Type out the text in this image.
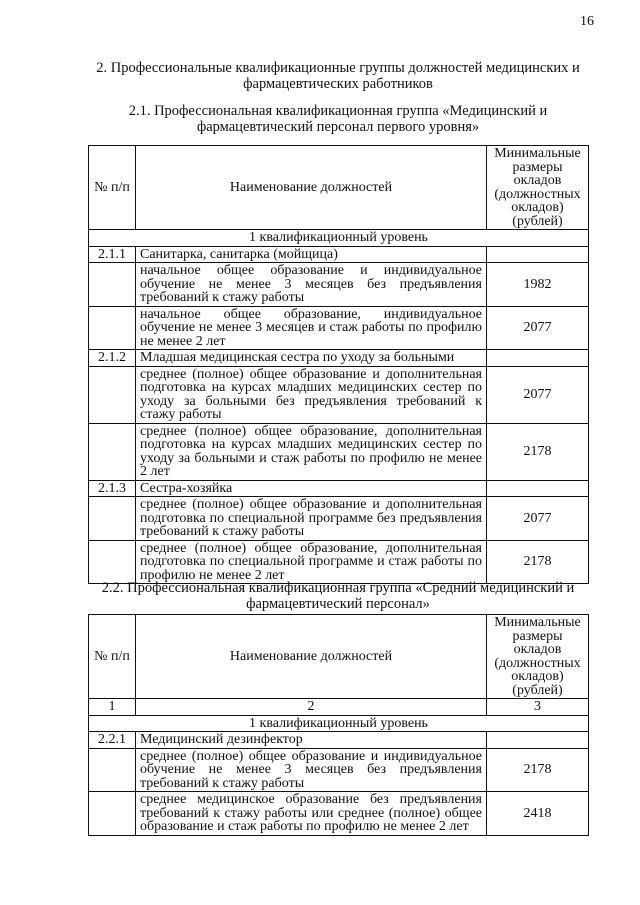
16
2. Профессиональные квалификационные группы должностей медицинских и фармацевтических работников
2.1. Профессиональная квалификационная группа «Медицинский и фармацевтический персонал первого уровня»
№ п/п	Наименование должностей	Минимальные размеры окладов (должностных окладов) (рублей)
1 квалификационный уровень		
2.1.1	Санитарка, санитарка (мойщица)	
	начальное общее образование и индивидуальное обучение не менее 3 месяцев без предъявления требований к стажу работы	1982
	начальное общее образование, индивидуальное обучение не менее 3 месяцев и стаж работы по профилю не менее 2 лет	2077
2.1.2	Младшая медицинская сестра по уходу за больными	
	среднее (полное) общее образование и дополнительная подготовка на курсах младших медицинских сестер по уходу за больными без предъявления требований к стажу работы	2077
	среднее (полное) общее образование, дополнительная подготовка на курсах младших медицинских сестер по уходу за больными и стаж работы по профилю не менее 2 лет	2178
2.1.3	Сестра-хозяйка	
	среднее (полное) общее образование и дополнительная подготовка по специальной программе без предъявления требований к стажу работы	2077
	среднее (полное) общее образование, дополнительная подготовка по специальной программе и стаж работы по профилю не менее 2 лет	2178
2.2. Профессиональная квалификационная группа «Средний медицинский и фармацевтический персонал»
№ п/п	Наименование должностей	Минимальные размеры окладов (должностных окладов) (рублей)
1	2	3
1 квалификационный уровень		
2.2.1	Медицинский дезинфектор	
	среднее (полное) общее образование и индивидуальное обучение не менее 3 месяцев без предъявления требований к стажу работы	2178
	среднее медицинское образование без предъявления требований к стажу работы или среднее (полное) общее образование и стаж работы по профилю не менее 2 лет	2418
